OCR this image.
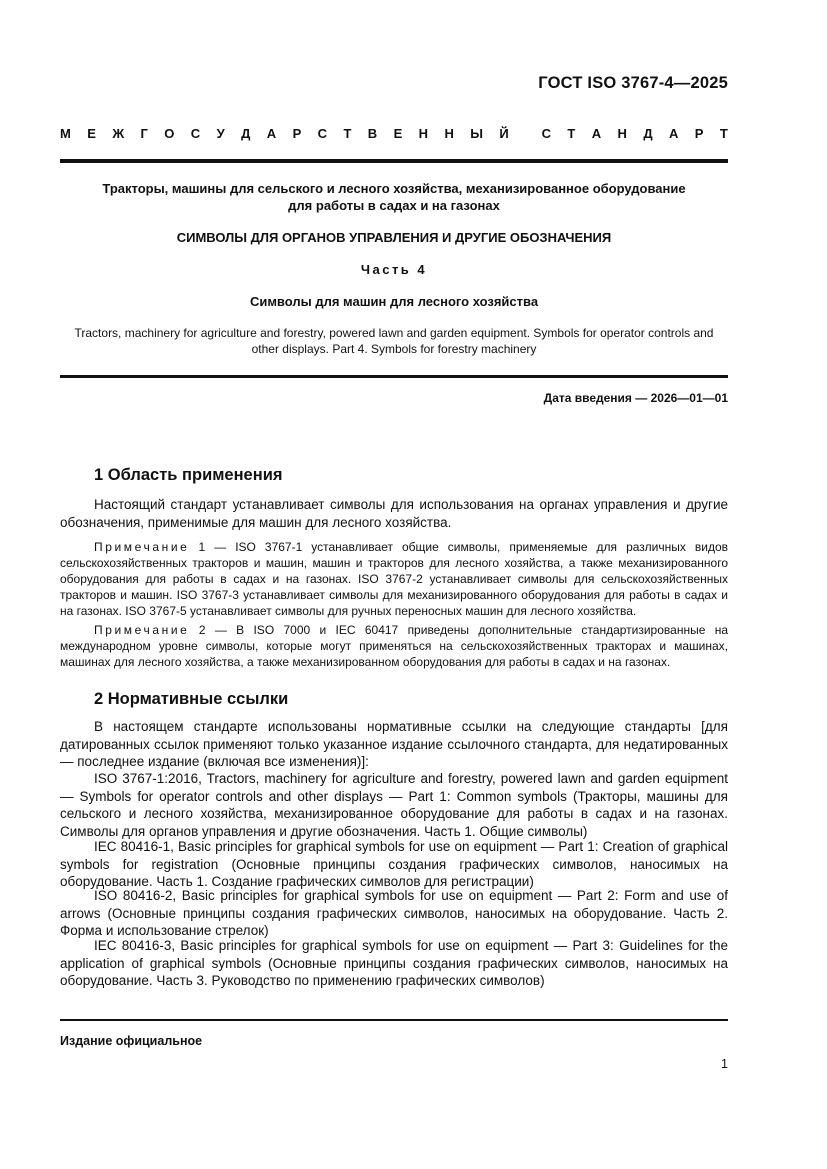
ГОСТ ISO 3767-4—2025
М Е Ж Г О С У Д А Р С Т В Е Н Н Ы Й	С Т А Н Д А Р Т
Тракторы, машины для сельского и лесного хозяйства, механизированное оборудование
для работы в садах и на газонах
СИМВОЛЫ ДЛЯ ОРГАНОВ УПРАВЛЕНИЯ И ДРУГИЕ ОБОЗНАЧЕНИЯ
Часть 4
Символы для машин для лесного хозяйства
Tractors, machinery for agriculture and forestry, powered lawn and garden equipment. Symbols for operator controls and
other displays. Part 4. Symbols for forestry machinery
Дата введения — 2026—01—01
1 Область применения
Настоящий стандарт устанавливает символы для использования на органах управления и другие обозначения, применимые для машин для лесного хозяйства.
Примечание 1 — ISO 3767-1 устанавливает общие символы, применяемые для различных видов сельскохозяйственных тракторов и машин, машин и тракторов для лесного хозяйства, а также механизированного оборудования для работы в садах и на газонах. ISO 3767-2 устанавливает символы для сельскохозяйственных тракторов и машин. ISO 3767-3 устанавливает символы для механизированного оборудования для работы в садах и на газонах. ISO 3767-5 устанавливает символы для ручных переносных машин для лесного хозяйства.
Примечание 2 — В ISO 7000 и IEC 60417 приведены дополнительные стандартизированные на международном уровне символы, которые могут применяться на сельскохозяйственных тракторах и машинах, машинах для лесного хозяйства, а также механизированном оборудования для работы в садах и на газонах.
2 Нормативные ссылки
В настоящем стандарте использованы нормативные ссылки на следующие стандарты [для датированных ссылок применяют только указанное издание ссылочного стандарта, для недатированных — последнее издание (включая все изменения)]:
ISO 3767-1:2016, Tractors, machinery for agriculture and forestry, powered lawn and garden equipment — Symbols for operator controls and other displays — Part 1: Common symbols (Тракторы, машины для сельского и лесного хозяйства, механизированное оборудование для работы в садах и на газонах. Символы для органов управления и другие обозначения. Часть 1. Общие символы)
IEC 80416-1, Basic principles for graphical symbols for use on equipment — Part 1: Creation of graphical symbols for registration (Основные принципы создания графических символов, наносимых на оборудование. Часть 1. Создание графических символов для регистрации)
ISO 80416-2, Basic principles for graphical symbols for use on equipment — Part 2: Form and use of arrows (Основные принципы создания графических символов, наносимых на оборудование. Часть 2. Форма и использование стрелок)
IEC 80416-3, Basic principles for graphical symbols for use on equipment — Part 3: Guidelines for the application of graphical symbols (Основные принципы создания графических символов, наносимых на оборудование. Часть 3. Руководство по применению графических символов)
Издание официальное
1
